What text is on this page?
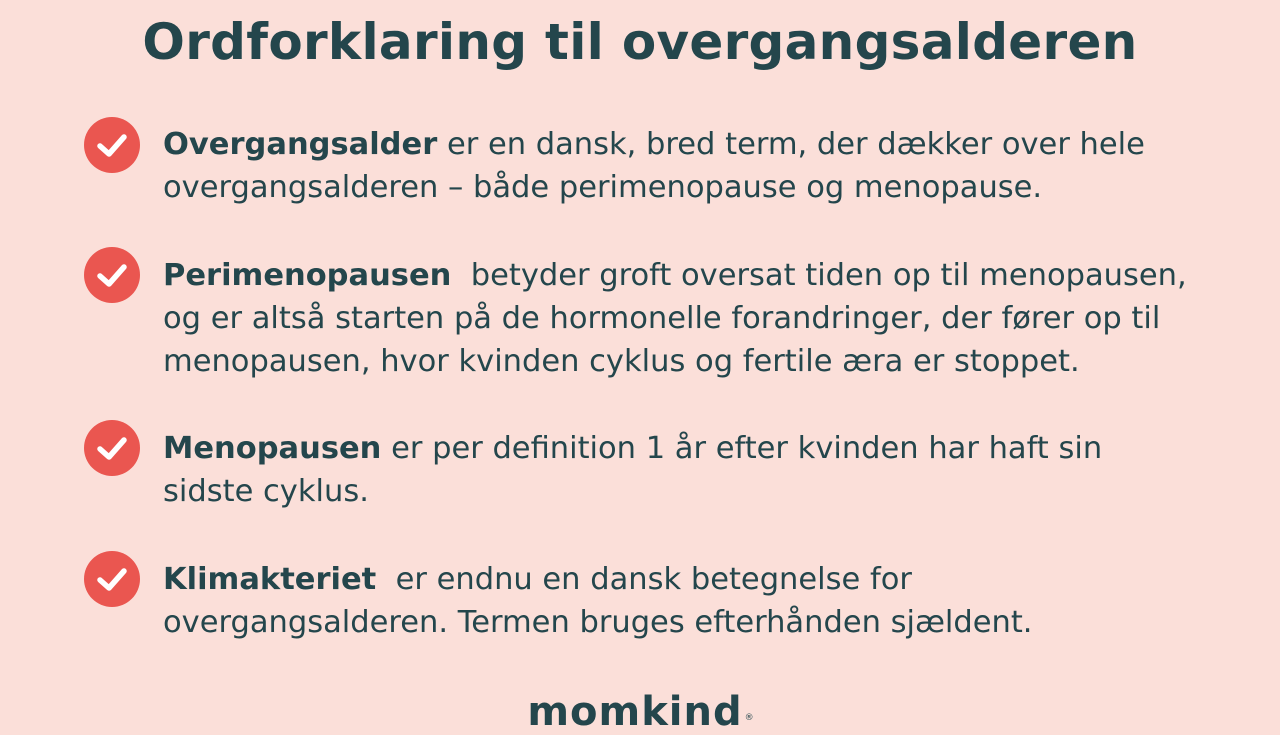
Ordforklaring til overgangsalderen
Overgangsalder er en dansk, bred term, der dækker over hele
overgangsalderen – både perimenopause og menopause.
Perimenopausen  betyder groft oversat tiden op til menopausen,
og er altså starten på de hormonelle forandringer, der fører op til
menopausen, hvor kvinden cyklus og fertile æra er stoppet.
Menopausen er per definition 1 år efter kvinden har haft sin
sidste cyklus.
Klimakteriet  er endnu en dansk betegnelse for
overgangsalderen. Termen bruges efterhånden sjældent.
momkind ®
